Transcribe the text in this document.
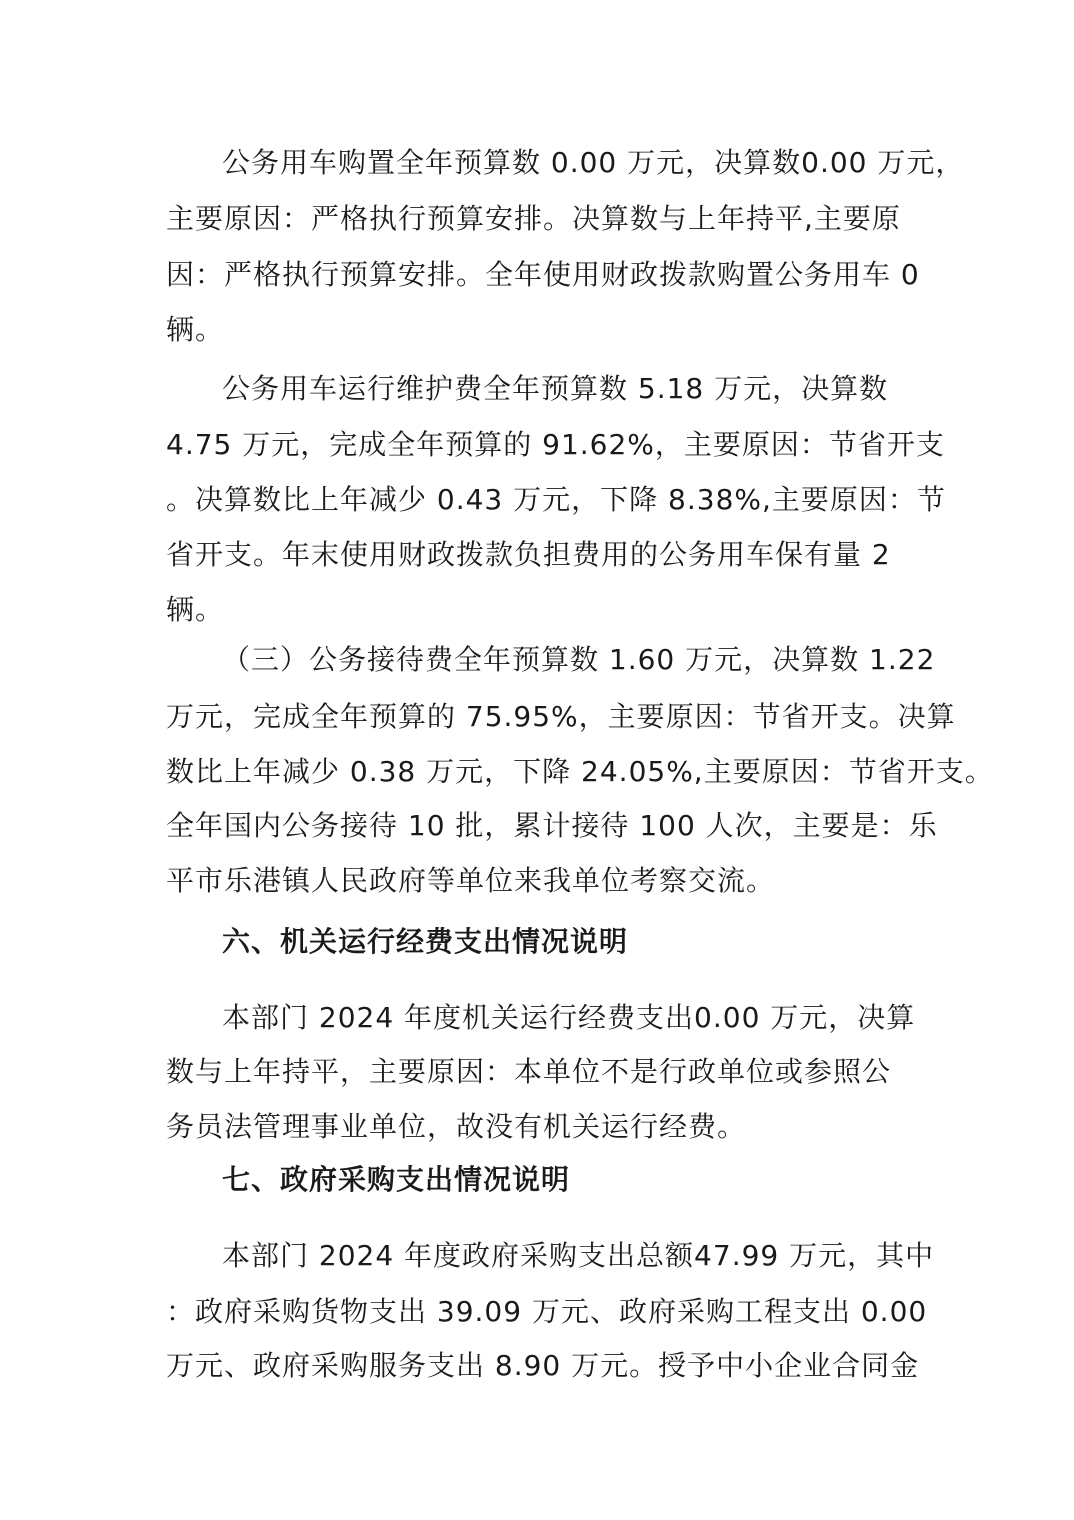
公务用车购置全年预算数 0.00 万元，决算数0.00 万元，
主要原因：严格执行预算安排。决算数与上年持平,主要原
因：严格执行预算安排。全年使用财政拨款购置公务用车 0
辆。
公务用车运行维护费全年预算数 5.18 万元，决算数
4.75 万元，完成全年预算的 91.62%，主要原因：节省开支
。决算数比上年减少 0.43 万元，下降 8.38%,主要原因：节
省开支。年末使用财政拨款负担费用的公务用车保有量 2
辆。
（三）公务接待费全年预算数 1.60 万元，决算数 1.22
万元，完成全年预算的 75.95%，主要原因：节省开支。决算
数比上年减少 0.38 万元，下降 24.05%,主要原因：节省开支。
全年国内公务接待 10 批，累计接待 100 人次，主要是：乐
平市乐港镇人民政府等单位来我单位考察交流。
六、机关运行经费支出情况说明
本部门 2024 年度机关运行经费支出0.00 万元，决算
数与上年持平，主要原因：本单位不是行政单位或参照公
务员法管理事业单位，故没有机关运行经费。
七、政府采购支出情况说明
本部门 2024 年度政府采购支出总额47.99 万元，其中
：政府采购货物支出 39.09 万元、政府采购工程支出 0.00
万元、政府采购服务支出 8.90 万元。授予中小企业合同金
